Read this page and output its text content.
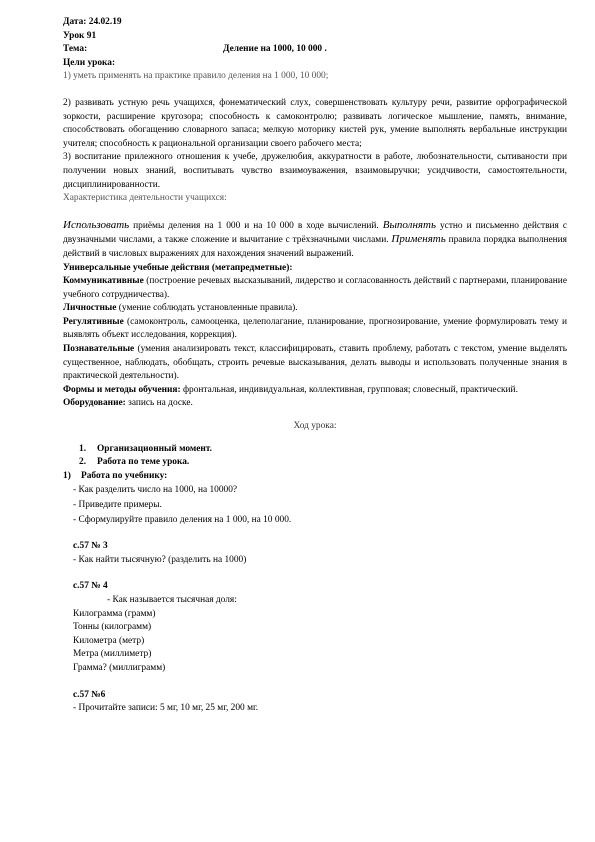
Дата: 24.02.19

Урок 91

Тема:	Деление на 1000, 10 000 .

Цели урока:

1) уметь применять на практике правило деления на 1 000, 10 000;

2) развивать устную речь учащихся, фонематический слух, совершенствовать культуру речи, развитие орфографической зоркости, расширение кругозора; способность к самоконтролю; развивать логическое мышление, память, внимание, способствовать обогащению словарного запаса; мелкую моторику кистей рук, умение выполнять вербальные инструкции учителя; способность к рациональной организации своего рабочего места;

3) воспитание прилежного отношения к учебе, дружелюбия, аккуратности в работе, любознательности, сытиваности при получении новых знаний, воспитывать чувство взаимоуважения, взаимовыручки; усидчивости, самостоятельности, дисциплинированности.

Характеристика деятельности учащихся:

Использовать приёмы деления на 1 000 и на 10 000 в ходе вычислений. Выполнять устно и письменно действия с двузначными числами, а также сложение и вычитание с трёхзначными числами. Применять правила порядка выполнения действий в числовых выражениях для нахождения значений выражений.

Универсальные учебные действия (метапредметные):

Коммуникативные (построение речевых высказываний, лидерство и согласованность действий с партнерами, планирование учебного сотрудничества).

Личностные (умение соблюдать установленные правила).

Регулятивные (самоконтроль, самооценка, целеполагание, планирование, прогнозирование, умение формулировать тему и выявлять объект исследования, коррекция).

Познавательные (умения анализировать текст, классифицировать, ставить проблему, работать с текстом, умение выделять существенное, наблюдать, обобщать, строить речевые высказывания, делать выводы и использовать полученные знания в практической деятельности).

Формы и методы обучения: фронтальная, индивидуальная, коллективная, групповая; словесный, практический.

Оборудование: запись на доске.

Ход урока:

1. Организационный момент.
2. Работа по теме урока.

1) Работа по учебнику:

- Как разделить число на 1000, на 10000?

- Приведите примеры.

- Сформулируйте правило деления на 1 000, на 10 000.

с.57 № 3

- Как найти тысячную? (разделить на 1000)

с.57 № 4

- Как называется тысячная доля:

Килограмма (грамм)

Тонны (килограмм)

Километра (метр)

Метра (миллиметр)

Грамма? (миллиграмм)

с.57 №6

- Прочитайте записи: 5 мг, 10 мг, 25 мг, 200 мг.
